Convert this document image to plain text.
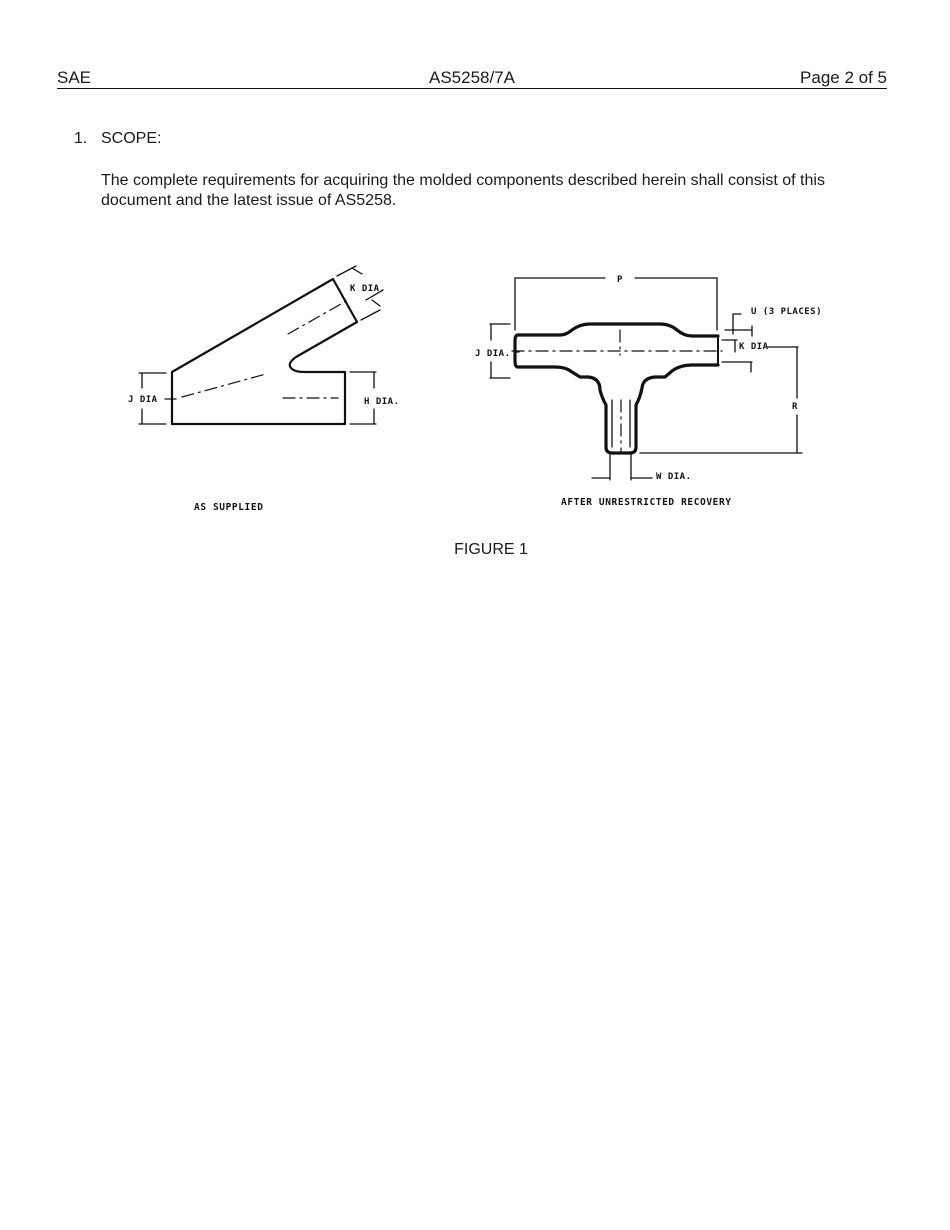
SAE	AS5258/7A	Page 2 of 5
1. SCOPE:
The complete requirements for acquiring the molded components described herein shall consist of this document and the latest issue of AS5258.
K DIA.
J DIA	H DIA.
AS SUPPLIED
P
U (3 PLACES)
J DIA.
K DIA
R
W DIA.
AFTER UNRESTRICTED RECOVERY
FIGURE 1
